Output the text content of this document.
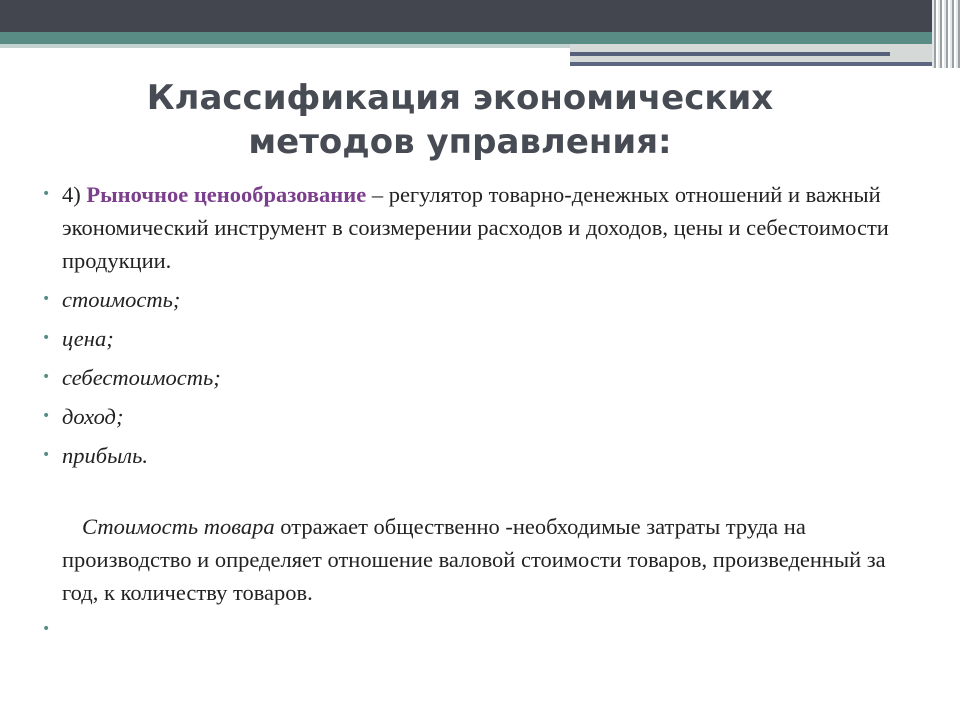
Классификация экономических
методов управления:
• 4) Рыночное ценообразование – регулятор товарно-денежных отношений и важный экономический инструмент в соизмерении расходов и доходов, цены и себестоимости продукции.
• стоимость;
• цена;
• себестоимость;
• доход;
• прибыль.

Стоимость товара отражает общественно -необходимые затраты труда на производство и определяет отношение валовой стоимости товаров, произведенный за год, к количеству товаров.

•
